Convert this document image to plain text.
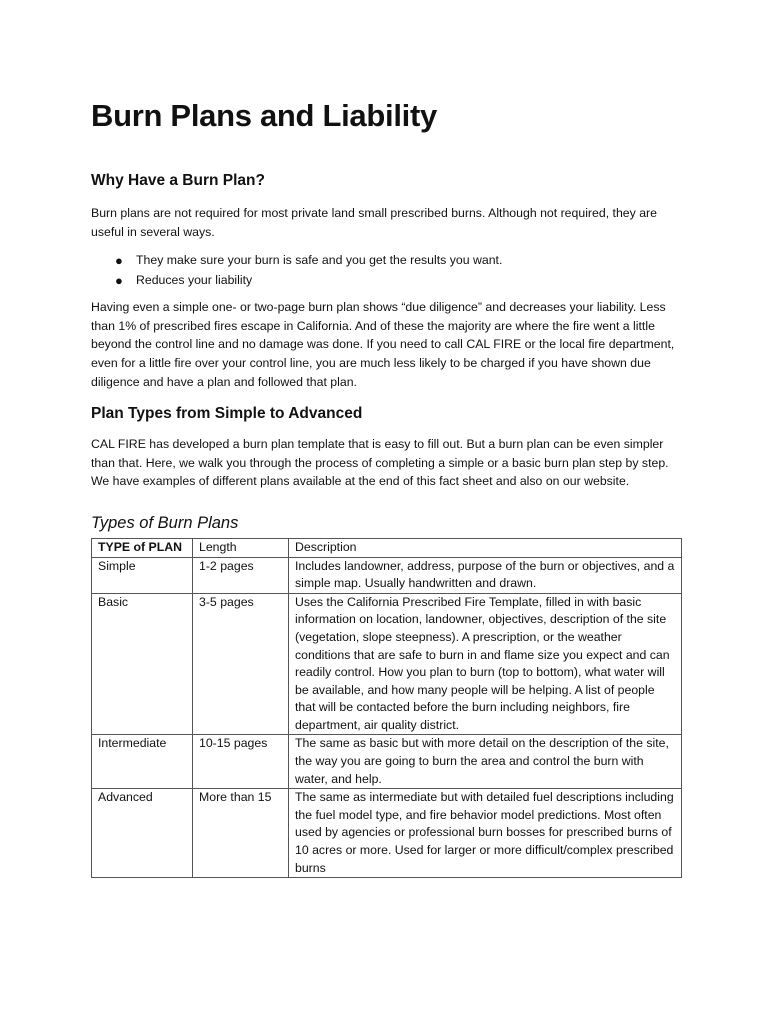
Burn Plans and Liability
Why Have a Burn Plan?

Burn plans are not required for most private land small prescribed burns. Although not required, they are useful in several ways.

● They make sure your burn is safe and you get the results you want.
● Reduces your liability

Having even a simple one- or two-page burn plan shows “due diligence” and decreases your liability. Less than 1% of prescribed fires escape in California. And of these the majority are where the fire went a little beyond the control line and no damage was done. If you need to call CAL FIRE or the local fire department, even for a little fire over your control line, you are much less likely to be charged if you have shown due diligence and have a plan and followed that plan.

Plan Types from Simple to Advanced

CAL FIRE has developed a burn plan template that is easy to fill out. But a burn plan can be even simpler than that. Here, we walk you through the process of completing a simple or a basic burn plan step by step. We have examples of different plans available at the end of this fact sheet and also on our website.

Types of Burn Plans
TYPE of PLAN	Length	Description
Simple	1-2 pages	Includes landowner, address, purpose of the burn or objectives, and a simple map. Usually handwritten and drawn.
Basic	3-5 pages	Uses the California Prescribed Fire Template, filled in with basic information on location, landowner, objectives, description of the site (vegetation, slope steepness). A prescription, or the weather conditions that are safe to burn in and flame size you expect and can readily control. How you plan to burn (top to bottom), what water will be available, and how many people will be helping. A list of people that will be contacted before the burn including neighbors, fire department, air quality district.
Intermediate	10-15 pages	The same as basic but with more detail on the description of the site, the way you are going to burn the area and control the burn with water, and help.
Advanced	More than 15	The same as intermediate but with detailed fuel descriptions including the fuel model type, and fire behavior model predictions. Most often used by agencies or professional burn bosses for prescribed burns of 10 acres or more. Used for larger or more difficult/complex prescribed burns
